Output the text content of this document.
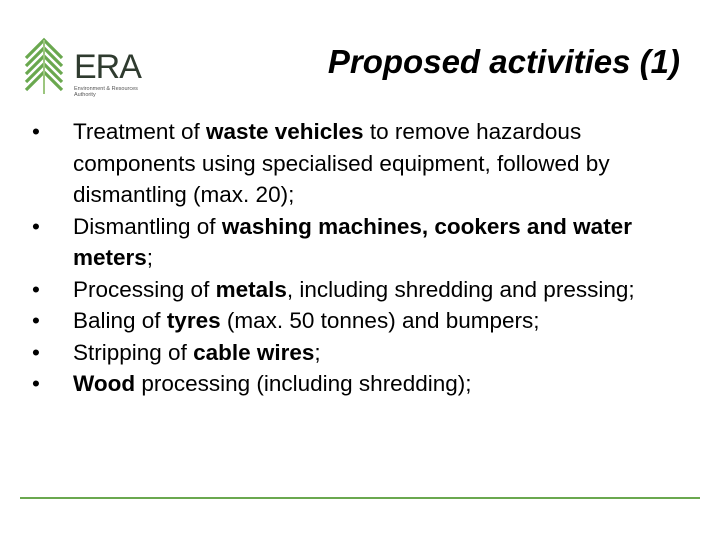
ERA
Environment & Resources Authority
Proposed activities (1)
•	Treatment of waste vehicles to remove hazardous components using specialised equipment, followed by dismantling (max. 20);
•	Dismantling of washing machines, cookers and water meters;
•	Processing of metals, including shredding and pressing;
•	Baling of tyres (max. 50 tonnes) and bumpers;
•	Stripping of cable wires;
•	Wood processing (including shredding);
